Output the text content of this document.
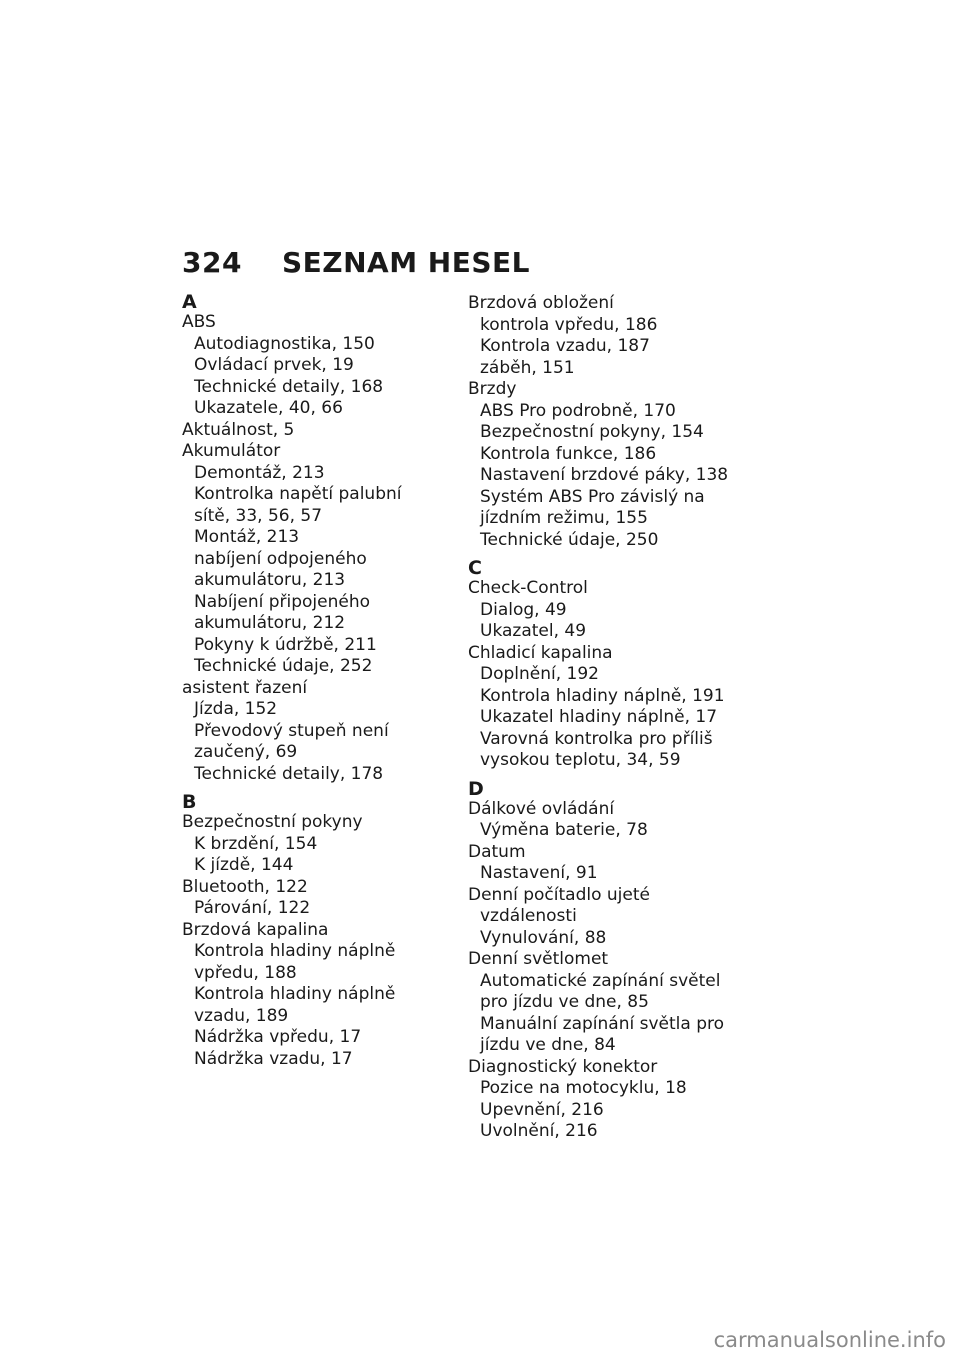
324	SEZNAM HESEL
A
ABS
Autodiagnostika, 150
Ovládací prvek, 19
Technické detaily, 168
Ukazatele, 40, 66
Aktuálnost, 5
Akumulátor
Demontáž, 213
Kontrolka napětí palubní
sítě, 33, 56, 57
Montáž, 213
nabíjení odpojeného
akumulátoru, 213
Nabíjení připojeného
akumulátoru, 212
Pokyny k údržbě, 211
Technické údaje, 252
asistent řazení
Jízda, 152
Převodový stupeň není
zaučený, 69
Technické detaily, 178
B
Bezpečnostní pokyny
K brzdění, 154
K jízdě, 144
Bluetooth, 122
Párování, 122
Brzdová kapalina
Kontrola hladiny náplně
vpředu, 188
Kontrola hladiny náplně
vzadu, 189
Nádržka vpředu, 17
Nádržka vzadu, 17
Brzdová obložení
kontrola vpředu, 186
Kontrola vzadu, 187
záběh, 151
Brzdy
ABS Pro podrobně, 170
Bezpečnostní pokyny, 154
Kontrola funkce, 186
Nastavení brzdové páky, 138
Systém ABS Pro závislý na
jízdním režimu, 155
Technické údaje, 250
C
Check-Control
Dialog, 49
Ukazatel, 49
Chladicí kapalina
Doplnění, 192
Kontrola hladiny náplně, 191
Ukazatel hladiny náplně, 17
Varovná kontrolka pro příliš
vysokou teplotu, 34, 59
D
Dálkové ovládání
Výměna baterie, 78
Datum
Nastavení, 91
Denní počítadlo ujeté
vzdálenosti
Vynulování, 88
Denní světlomet
Automatické zapínání světel
pro jízdu ve dne, 85
Manuální zapínání světla pro
jízdu ve dne, 84
Diagnostický konektor
Pozice na motocyklu, 18
Upevnění, 216
Uvolnění, 216
carmanualsonline.info
